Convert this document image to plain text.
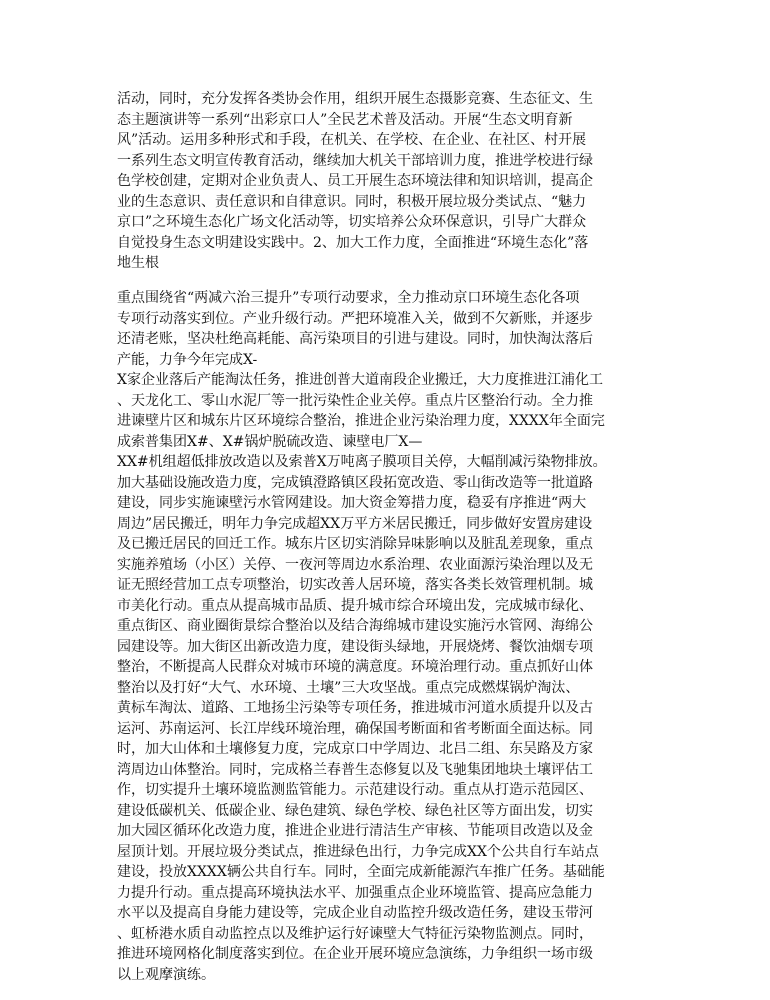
活动，同时，充分发挥各类协会作用，组织开展生态摄影竞赛、生态征文、生
态主题演讲等一系列“出彩京口人”全民艺术普及活动。开展“生态文明育新
风”活动。运用多种形式和手段，在机关、在学校、在企业、在社区、村开展
一系列生态文明宣传教育活动，继续加大机关干部培训力度，推进学校进行绿
色学校创建，定期对企业负责人、员工开展生态环境法律和知识培训，提高企
业的生态意识、责任意识和自律意识。同时，积极开展垃圾分类试点、“魅力
京口”之环境生态化广场文化活动等，切实培养公众环保意识，引导广大群众
自觉投身生态文明建设实践中。2、加大工作力度，全面推进“环境生态化”落
地生根
重点围绕省“两减六治三提升”专项行动要求，全力推动京口环境生态化各项
专项行动落实到位。产业升级行动。严把环境准入关，做到不欠新账，并逐步
还清老账，坚决杜绝高耗能、高污染项目的引进与建设。同时，加快淘汰落后
产能，力争今年完成X-
X家企业落后产能淘汰任务，推进创普大道南段企业搬迁，大力度推进江浦化工
、天龙化工、零山水泥厂等一批污染性企业关停。重点片区整治行动。全力推
进谏壁片区和城东片区环境综合整治，推进企业污染治理力度，XXXX年全面完
成索普集团X#、X#锅炉脱硫改造、谏壁电厂X—
XX#机组超低排放改造以及索普X万吨离子膜项目关停，大幅削减污染物排放。
加大基础设施改造力度，完成镇澄路镇区段拓宽改造、零山街改造等一批道路
建设，同步实施谏壁污水管网建设。加大资金筹措力度，稳妥有序推进“两大
周边”居民搬迁，明年力争完成超XX万平方米居民搬迁，同步做好安置房建设
及已搬迁居民的回迁工作。城东片区切实消除异味影响以及脏乱差现象，重点
实施养殖场（小区）关停、一夜河等周边水系治理、农业面源污染治理以及无
证无照经营加工点专项整治，切实改善人居环境，落实各类长效管理机制。城
市美化行动。重点从提高城市品质、提升城市综合环境出发，完成城市绿化、
重点街区、商业圈街景综合整治以及结合海绵城市建设实施污水管网、海绵公
园建设等。加大街区出新改造力度，建设街头绿地，开展烧烤、餐饮油烟专项
整治，不断提高人民群众对城市环境的满意度。环境治理行动。重点抓好山体
整治以及打好“大气、水环境、土壤”三大攻坚战。重点完成燃煤锅炉淘汰、
黄标车淘汰、道路、工地扬尘污染等专项任务，推进城市河道水质提升以及古
运河、苏南运河、长江岸线环境治理，确保国考断面和省考断面全面达标。同
时，加大山体和土壤修复力度，完成京口中学周边、北吕二组、东吴路及方家
湾周边山体整治。同时，完成格兰春普生态修复以及飞驰集团地块土壤评估工
作，切实提升土壤环境监测监管能力。示范建设行动。重点从打造示范园区、
建设低碳机关、低碳企业、绿色建筑、绿色学校、绿色社区等方面出发，切实
加大园区循环化改造力度，推进企业进行清洁生产审核、节能项目改造以及金
屋顶计划。开展垃圾分类试点，推进绿色出行，力争完成XX个公共自行车站点
建设，投放XXXX辆公共自行车。同时，全面完成新能源汽车推广任务。基础能
力提升行动。重点提高环境执法水平、加强重点企业环境监管、提高应急能力
水平以及提高自身能力建设等，完成企业自动监控升级改造任务，建设玉带河
、虹桥港水质自动监控点以及维护运行好谏壁大气特征污染物监测点。同时，
推进环境网格化制度落实到位。在企业开展环境应急演练，力争组织一场市级
以上观摩演练。
